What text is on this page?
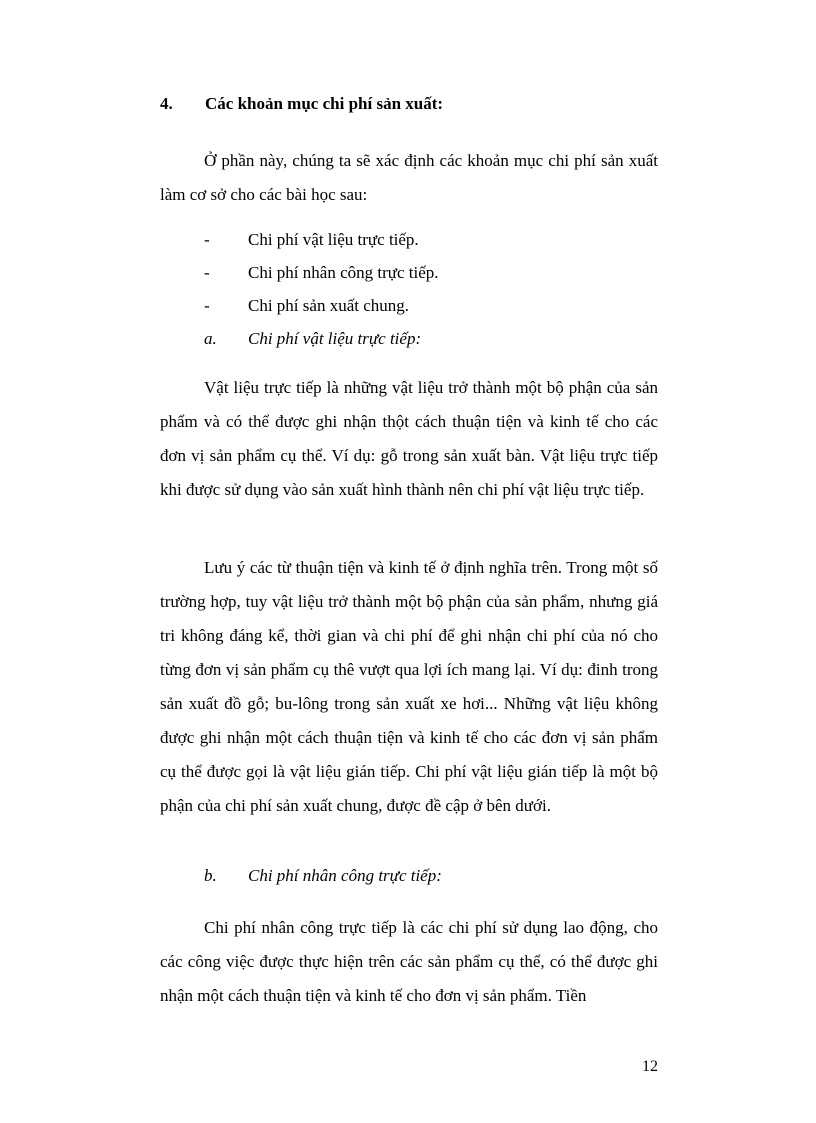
4. Các khoản mục chi phí sản xuất:
Ở phần này, chúng ta sẽ xác định các khoản mục chi phí sản xuất làm cơ sở cho các bài học sau:
- Chi phí vật liệu trực tiếp.
- Chi phí nhân công trực tiếp.
- Chi phí sản xuất chung.
a. Chi phí vật liệu trực tiếp:
Vật liệu trực tiếp là những vật liệu trở thành một bộ phận của sản phẩm và có thể được ghi nhận thột cách thuận tiện và kinh tế cho các đơn vị sản phẩm cụ thể. Ví dụ: gỗ trong sản xuất bàn. Vật liệu trực tiếp khi được sử dụng vào sản xuất hình thành nên chi phí vật liệu trực tiếp.
Lưu ý các từ thuận tiện và kinh tế ở định nghĩa trên. Trong một số trường hợp, tuy vật liệu trở thành một bộ phận của sản phẩm, nhưng giá tri không đáng kể, thời gian và chi phí để ghi nhận chi phí của nó cho từng đơn vị sản phẩm cụ thê vượt qua lợi ích mang lại. Ví dụ: đinh trong sản xuất đồ gỗ; bu-lông trong sản xuất xe hơi... Những vật liệu không được ghi nhận một cách thuận tiện và kinh tế cho các đơn vị sản phẩm cụ thể được gọi là vật liệu gián tiếp. Chi phí vật liệu gián tiếp là một bộ phận của chi phí sản xuất chung, được đề cập ở bên dưới.
b. Chi phí nhân công trực tiếp:
Chi phí nhân công trực tiếp là các chi phí sử dụng lao động, cho các công việc được thực hiện trên các sản phẩm cụ thể, có thể được ghi nhận một cách thuận tiện và kinh tế cho đơn vị sản phẩm. Tiền
12
